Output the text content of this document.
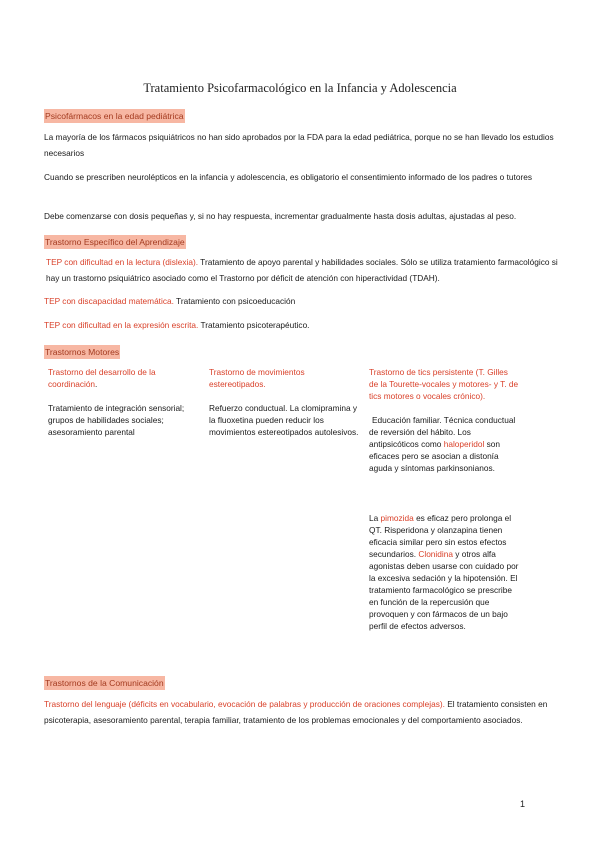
Tratamiento Psicofarmacológico en la Infancia y Adolescencia
Psicofármacos en la edad pediátrica
La mayoría de los fármacos psiquiátricos no han sido aprobados por la FDA para la edad pediátrica, porque no se han llevado los estudios necesarios
Cuando se prescriben neurolépticos en la infancia y adolescencia, es obligatorio el consentimiento informado de los padres o tutores
Debe comenzarse con dosis pequeñas y, si no hay respuesta, incrementar gradualmente hasta dosis adultas, ajustadas al peso.
Trastorno Específico del Aprendizaje
TEP con dificultad en la lectura (dislexia). Tratamiento de apoyo parental y habilidades sociales. Sólo se utiliza tratamiento farmacológico si hay un trastorno psiquiátrico asociado como el Trastorno por déficit de atención con hiperactividad (TDAH).
TEP con discapacidad matemática. Tratamiento con psicoeducación
TEP con dificultad en la expresión escrita. Tratamiento psicoterapéutico.
Trastornos Motores
Trastorno del desarrollo de la coordinación.
Tratamiento de integración sensorial; grupos de habilidades sociales; asesoramiento parental
Trastorno de movimientos estereotipados.
Refuerzo conductual. La clomipramina y la fluoxetina pueden reducir los movimientos estereotipados autolesivos.
Trastorno de tics persistente (T. Gilles de la Tourette-vocales y motores- y T. de tics motores o vocales crónico).
Educación familiar. Técnica conductual de reversión del hábito. Los antipsicóticos como haloperidol son eficaces pero se asocian a distonía aguda y síntomas parkinsonianos.
La pimozida es eficaz pero prolonga el QT. Risperidona y olanzapina tienen eficacia similar pero sin estos efectos secundarios. Clonidina y otros alfa agonistas deben usarse con cuidado por la excesiva sedación y la hipotensión. El tratamiento farmacológico se prescribe en función de la repercusión que provoquen y con fármacos de un bajo perfil de efectos adversos.
Trastornos de la Comunicación
Trastorno del lenguaje (déficits en vocabulario, evocación de palabras y producción de oraciones complejas). El tratamiento consisten en psicoterapia, asesoramiento parental, terapia familiar, tratamiento de los problemas emocionales y del comportamiento asociados.
1
